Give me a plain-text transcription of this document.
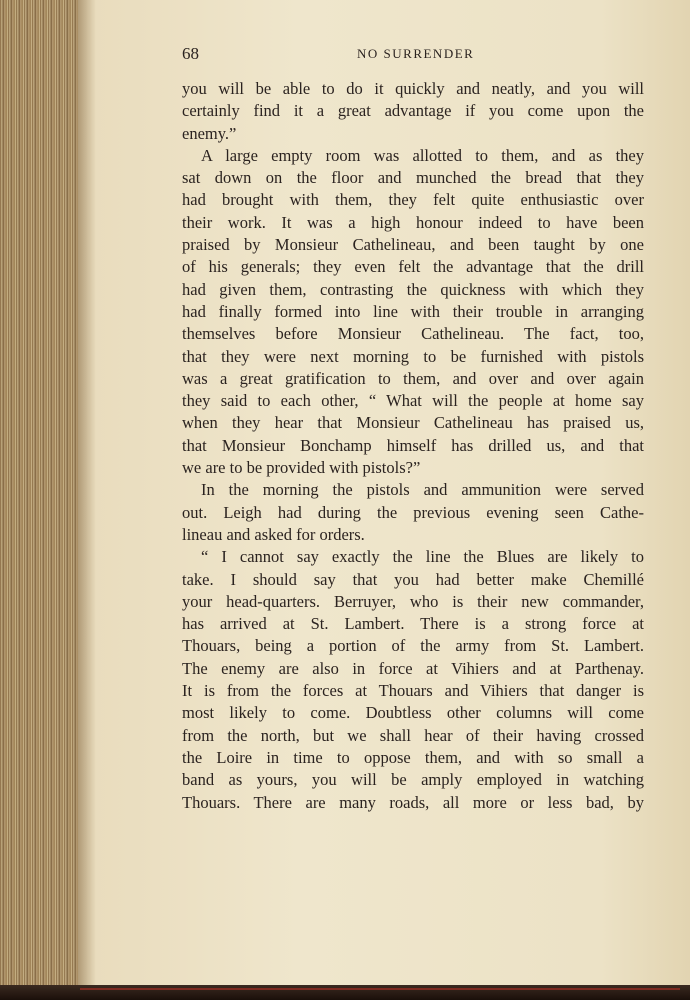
68	NO SURRENDER

you will be able to do it quickly and neatly, and you will

certainly find it a great advantage if you come upon the

enemy.”

A large empty room was allotted to them, and as they

sat down on the floor and munched the bread that they

had brought with them, they felt quite enthusiastic over

their work. It was a high honour indeed to have been

praised by Monsieur Cathelineau, and been taught by one

of his generals; they even felt the advantage that the drill

had given them, contrasting the quickness with which they

had finally formed into line with their trouble in arranging

themselves before Monsieur Cathelineau. The fact, too,

that they were next morning to be furnished with pistols

was a great gratification to them, and over and over again

they said to each other, “ What will the people at home say

when they hear that Monsieur Cathelineau has praised us,

that Monsieur Bonchamp himself has drilled us, and that

we are to be provided with pistols?”

In the morning the pistols and ammunition were served

out. Leigh had during the previous evening seen Cathe-

lineau and asked for orders.

“ I cannot say exactly the line the Blues are likely to

take. I should say that you had better make Chemillé

your head-quarters. Berruyer, who is their new commander,

has arrived at St. Lambert. There is a strong force at

Thouars, being a portion of the army from St. Lambert.

The enemy are also in force at Vihiers and at Parthenay.

It is from the forces at Thouars and Vihiers that danger is

most likely to come. Doubtless other columns will come

from the north, but we shall hear of their having crossed

the Loire in time to oppose them, and with so small a

band as yours, you will be amply employed in watching

Thouars. There are many roads, all more or less bad, by
